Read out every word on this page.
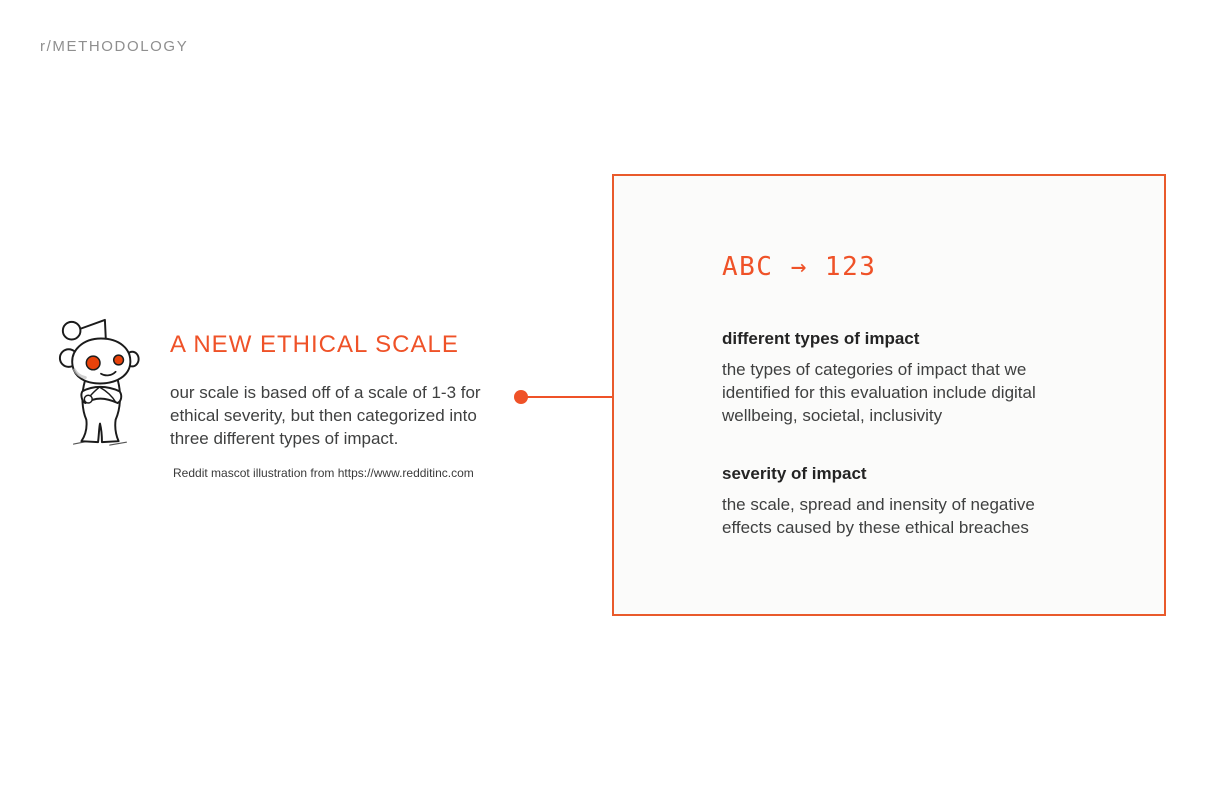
r/METHODOLOGY
A NEW ETHICAL SCALE
our scale is based off of a scale of 1-3 for ethical severity, but then categorized into three different types of impact.
Reddit mascot illustration from https://www.redditinc.com
ABC → 123
different types of impact

the types of categories of impact that we identified for this evaluation include digital wellbeing, societal, inclusivity

severity of impact

the scale, spread and inensity of negative effects caused by these ethical breaches
